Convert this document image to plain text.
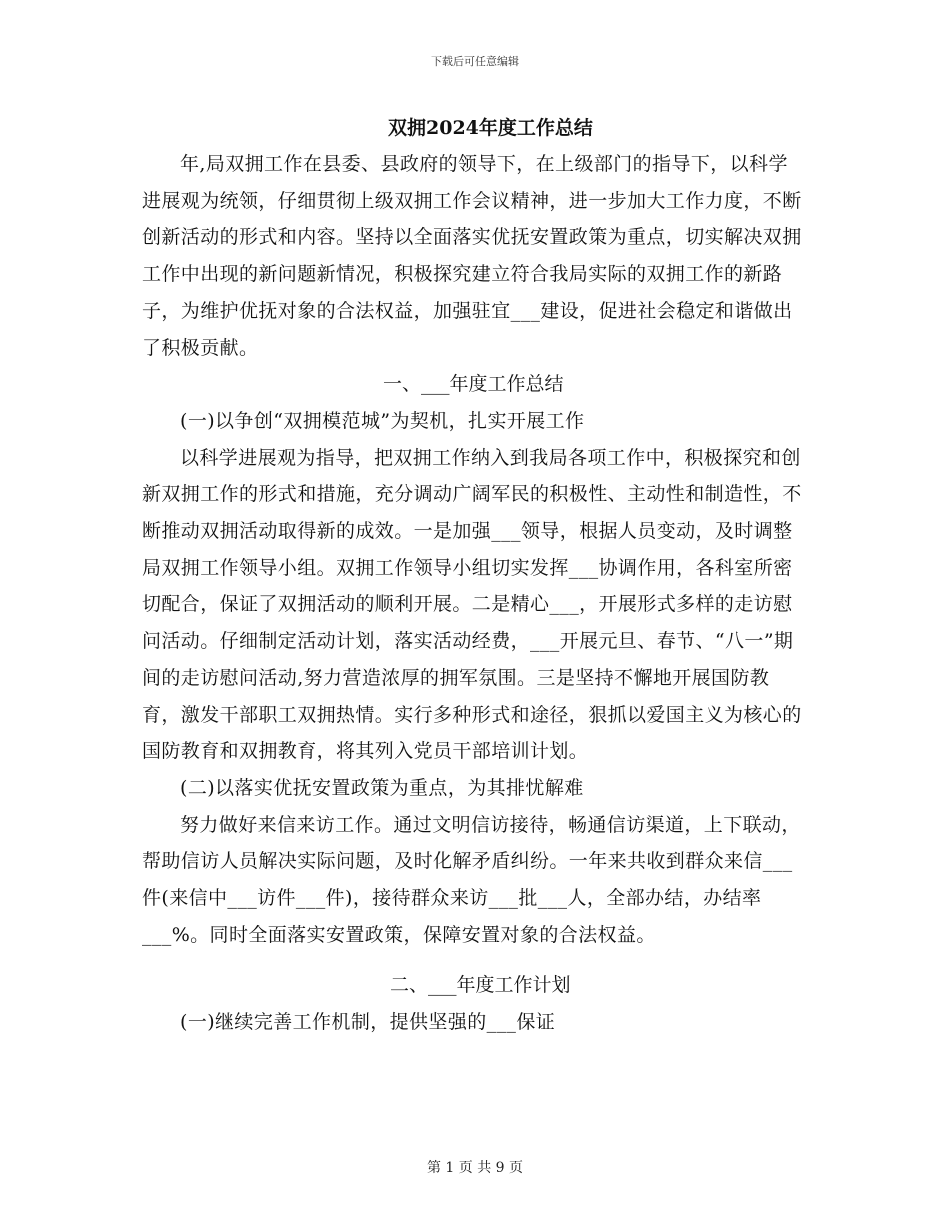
下载后可任意编辑
双拥2024年度工作总结

年,局双拥工作在县委、县政府的领导下，在上级部门的指导下，以科学进展观为统领，仔细贯彻上级双拥工作会议精神，进一步加大工作力度，不断创新活动的形式和内容。坚持以全面落实优抚安置政策为重点，切实解决双拥工作中出现的新问题新情况，积极探究建立符合我局实际的双拥工作的新路子，为维护优抚对象的合法权益，加强驻宜___建设，促进社会稳定和谐做出了积极贡献。

一、___年度工作总结

(一)以争创“双拥模范城”为契机，扎实开展工作

以科学进展观为指导，把双拥工作纳入到我局各项工作中，积极探究和创新双拥工作的形式和措施，充分调动广阔军民的积极性、主动性和制造性，不断推动双拥活动取得新的成效。一是加强___领导，根据人员变动，及时调整局双拥工作领导小组。双拥工作领导小组切实发挥___协调作用，各科室所密切配合，保证了双拥活动的顺利开展。二是精心___，开展形式多样的走访慰问活动。仔细制定活动计划，落实活动经费，___开展元旦、春节、“八一”期间的走访慰问活动,努力营造浓厚的拥军氛围。三是坚持不懈地开展国防教育，激发干部职工双拥热情。实行多种形式和途径，狠抓以爱国主义为核心的国防教育和双拥教育，将其列入党员干部培训计划。

(二)以落实优抚安置政策为重点，为其排忧解难

努力做好来信来访工作。通过文明信访接待，畅通信访渠道，上下联动，帮助信访人员解决实际问题，及时化解矛盾纠纷。一年来共收到群众来信___件(来信中___访件___件)，接待群众来访___批___人，全部办结，办结率___%。同时全面落实安置政策，保障安置对象的合法权益。

二、___年度工作计划

(一)继续完善工作机制，提供坚强的___保证

第 1 页 共 9 页
